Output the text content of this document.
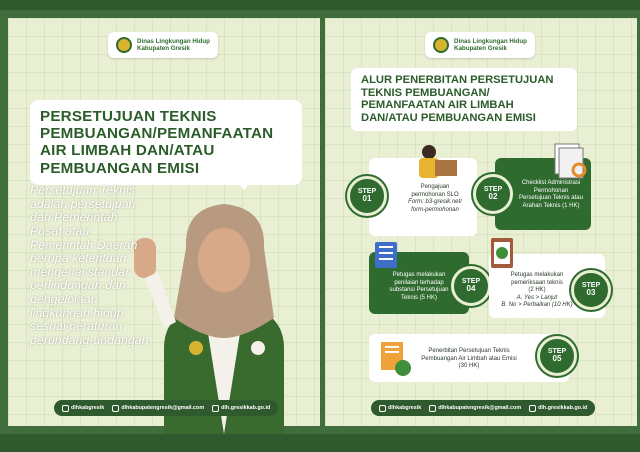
Dinas Lingkungan Hidup
Kabupaten Gresik
PERSETUJUAN TEKNIS PEMBUANGAN/PEMANFAATAN AIR LIMBAH DAN/ATAU PEMBUANGAN EMISI
Persetujuan Teknis adalah persetujuan dari Pemerintah Pusat atau Pemerintah Daerah berupa ketentuan mengenai standar perlindungan dan pengelolaan lingkungan hidup sesuai peraturan perundang-undangan
dlhkabgresik	dlhkabupatengresik@gmail.com	dlh.gresikkab.go.id
Dinas Lingkungan Hidup
Kabupaten Gresik
ALUR PENERBITAN PERSETUJUAN TEKNIS PEMBUANGAN/ PEMANFAATAN AIR LIMBAH DAN/ATAU PEMBUANGAN EMISI
Pengajuan
permohonan SLO
Form: b3-gresik.net/
form-permohonan
STEP
01
Checklist Administrasi
Permohonan
Persetujuan Teknis atau
Arahan Teknis (1 HK)
STEP
02
Petugas melakukan
penilaian terhadap
substansi Persetujuan
Teknis (5 HK)
STEP
04
Petugas melakukan
pemeriksaan teknis
(2 HK)
A. Yes > Lanjut
B. No > Perbaikan (10 HK)
STEP
03
Penerbitan Persetujuan Teknis
Pembuangan Air Limbah atau Emisi
(30 HK)
STEP
05
dlhkabgresik	dlhkabupatengresik@gmail.com	dlh.gresikkab.go.id
